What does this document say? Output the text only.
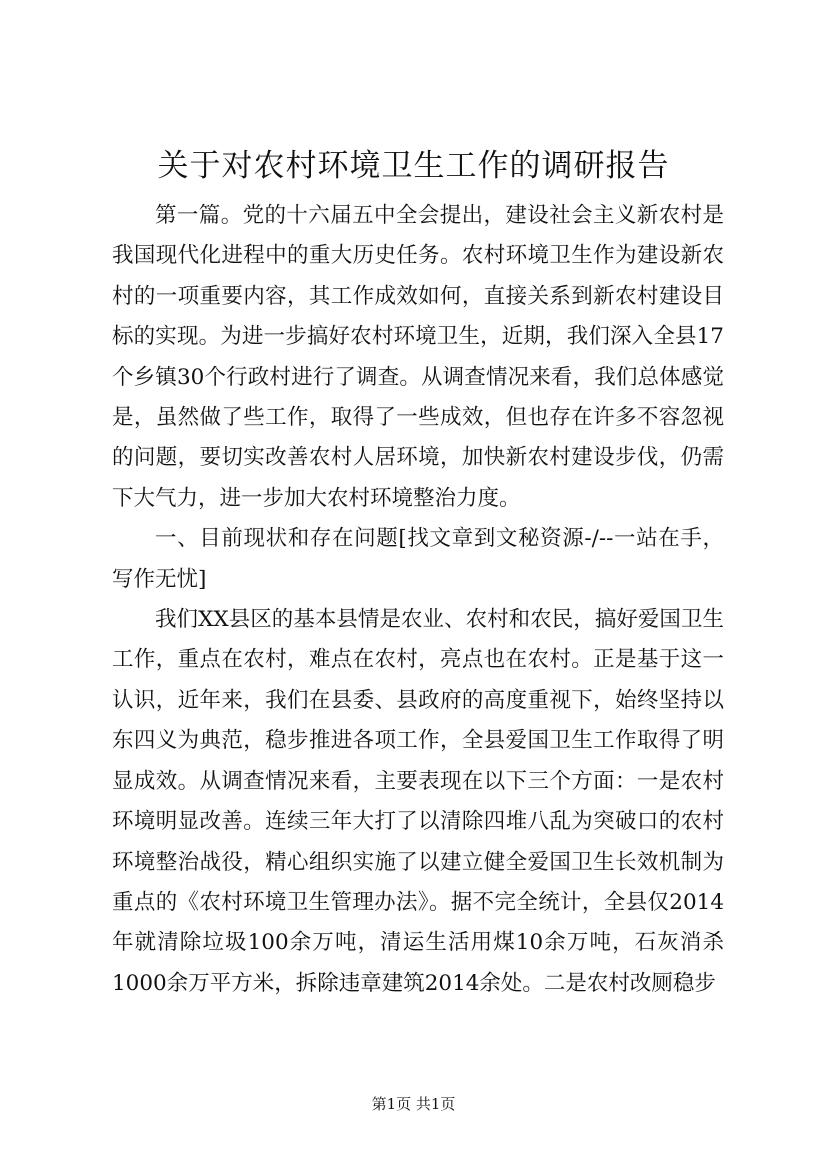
关于对农村环境卫生工作的调研报告

第一篇。党的十六届五中全会提出，建设社会主义新农村是我国现代化进程中的重大历史任务。农村环境卫生作为建设新农村的一项重要内容，其工作成效如何，直接关系到新农村建设目标的实现。为进一步搞好农村环境卫生，近期，我们深入全县17个乡镇30个行政村进行了调查。从调查情况来看，我们总体感觉是，虽然做了些工作，取得了一些成效，但也存在许多不容忽视的问题，要切实改善农村人居环境，加快新农村建设步伐，仍需下大气力，进一步加大农村环境整治力度。

一、目前现状和存在问题[找文章到文秘资源-/--一站在手，写作无忧]

我们XX县区的基本县情是农业、农村和农民，搞好爱国卫生工作，重点在农村，难点在农村，亮点也在农村。正是基于这一认识，近年来，我们在县委、县政府的高度重视下，始终坚持以东四义为典范，稳步推进各项工作，全县爱国卫生工作取得了明显成效。从调查情况来看，主要表现在以下三个方面：一是农村环境明显改善。连续三年大打了以清除四堆八乱为突破口的农村环境整治战役，精心组织实施了以建立健全爱国卫生长效机制为重点的《农村环境卫生管理办法》。据不完全统计，全县仅2014年就清除垃圾100余万吨，清运生活用煤10余万吨，石灰消杀1000余万平方米，拆除违章建筑2014余处。二是农村改厕稳步

第1页 共1页
